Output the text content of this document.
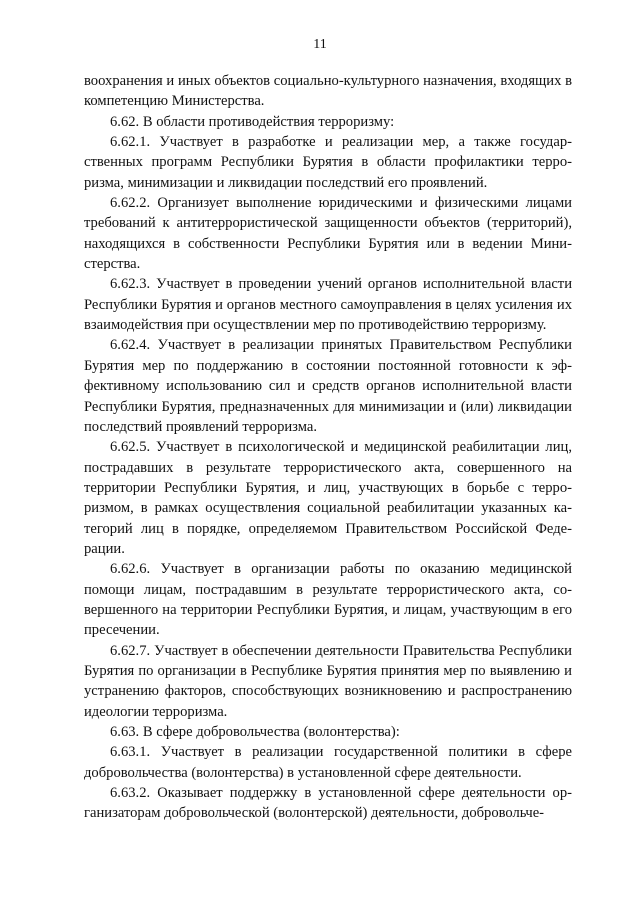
11

воохранения и иных объектов социально-культурного назначения, входящих в компетенцию Министерства.

6.62. В области противодействия терроризму:

6.62.1. Участвует в разработке и реализации мер, а также государственных программ Республики Бурятия в области профилактики терроризма, минимизации и ликвидации последствий его проявлений.

6.62.2. Организует выполнение юридическими и физическими лицами требований к антитеррористической защищенности объектов (территорий), находящихся в собственности Республики Бурятия или в ведении Министерства.

6.62.3. Участвует в проведении учений органов исполнительной власти Республики Бурятия и органов местного самоуправления в целях усиления их взаимодействия при осуществлении мер по противодействию терроризму.

6.62.4. Участвует в реализации принятых Правительством Республики Бурятия мер по поддержанию в состоянии постоянной готовности к эффективному использованию сил и средств органов исполнительной власти Республики Бурятия, предназначенных для минимизации и (или) ликвидации последствий проявлений терроризма.

6.62.5. Участвует в психологической и медицинской реабилитации лиц, пострадавших в результате террористического акта, совершенного на территории Республики Бурятия, и лиц, участвующих в борьбе с терроризмом, в рамках осуществления социальной реабилитации указанных категорий лиц в порядке, определяемом Правительством Российской Федерации.

6.62.6. Участвует в организации работы по оказанию медицинской помощи лицам, пострадавшим в результате террористического акта, совершенного на территории Республики Бурятия, и лицам, участвующим в его пресечении.

6.62.7. Участвует в обеспечении деятельности Правительства Республики Бурятия по организации в Республике Бурятия принятия мер по выявлению и устранению факторов, способствующих возникновению и распространению идеологии терроризма.

6.63. В сфере добровольчества (волонтерства):

6.63.1. Участвует в реализации государственной политики в сфере добровольчества (волонтерства) в установленной сфере деятельности.

6.63.2. Оказывает поддержку в установленной сфере деятельности организаторам добровольческой (волонтерской) деятельности, добровольче-
